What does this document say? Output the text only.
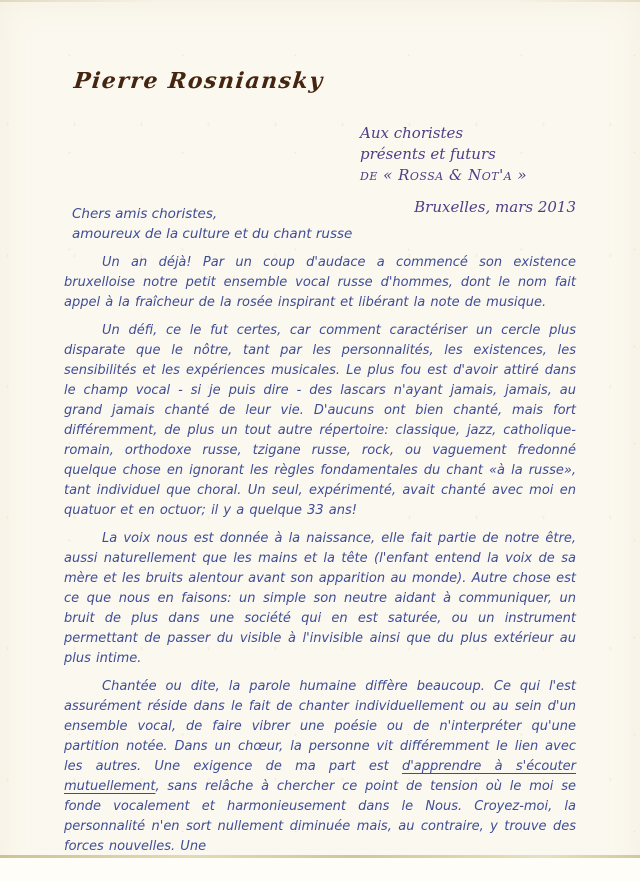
Pierre Rosniansky
Aux choristes
présents et futurs
de « Rossa & Not'a »
Bruxelles, mars 2013
Chers amis choristes,
amoureux de la culture et du chant russe

Un an déjà! Par un coup d'audace a commencé son existence bruxelloise notre petit ensemble vocal russe d'hommes, dont le nom fait appel à la fraîcheur de la rosée inspirant et libérant la note de musique.

Un défi, ce le fut certes, car comment caractériser un cercle plus disparate que le nôtre, tant par les personnalités, les existences, les sensibilités et les expériences musicales. Le plus fou est d'avoir attiré dans le champ vocal - si je puis dire - des lascars n'ayant jamais, jamais, au grand jamais chanté de leur vie. D'aucuns ont bien chanté, mais fort différemment, de plus un tout autre répertoire: classique, jazz, catholique-romain, orthodoxe russe, tzigane russe, rock, ou vaguement fredonné quelque chose en ignorant les règles fondamentales du chant «à la russe», tant individuel que choral. Un seul, expérimenté, avait chanté avec moi en quatuor et en octuor; il y a quelque 33 ans!

La voix nous est donnée à la naissance, elle fait partie de notre être, aussi naturellement que les mains et la tête (l'enfant entend la voix de sa mère et les bruits alentour avant son apparition au monde). Autre chose est ce que nous en faisons: un simple son neutre aidant à communiquer, un bruit de plus dans une société qui en est saturée, ou un instrument permettant de passer du visible à l'invisible ainsi que du plus extérieur au plus intime.

Chantée ou dite, la parole humaine diffère beaucoup. Ce qui l'est assurément réside dans le fait de chanter individuellement ou au sein d'un ensemble vocal, de faire vibrer une poésie ou de n'interpréter qu'une partition notée. Dans un chœur, la personne vit différemment le lien avec les autres. Une exigence de ma part est d'apprendre à s'écouter mutuellement, sans relâche à chercher ce point de tension où le moi se fonde vocalement et harmonieusement dans le Nous. Croyez-moi, la personnalité n'en sort nullement diminuée mais, au contraire, y trouve des forces nouvelles. Une
